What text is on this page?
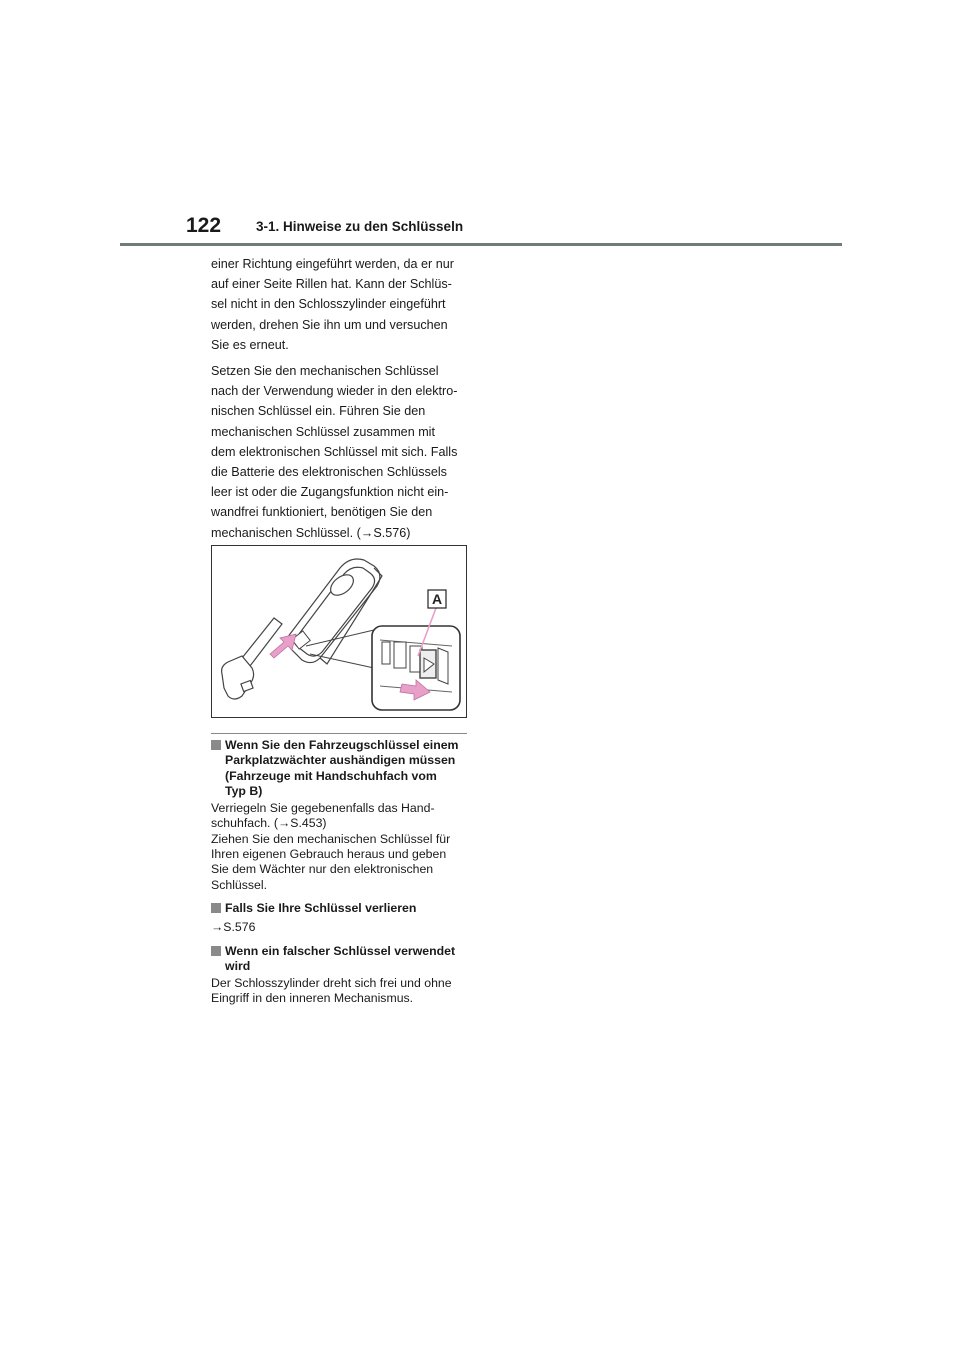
122	3-1. Hinweise zu den Schlüsseln

einer Richtung eingeführt werden, da er nur
auf einer Seite Rillen hat. Kann der Schlüs-
sel nicht in den Schlosszylinder eingeführt
werden, drehen Sie ihn um und versuchen
Sie es erneut.

Setzen Sie den mechanischen Schlüssel
nach der Verwendung wieder in den elektro-
nischen Schlüssel ein. Führen Sie den
mechanischen Schlüssel zusammen mit
dem elektronischen Schlüssel mit sich. Falls
die Batterie des elektronischen Schlüssels
leer ist oder die Zugangsfunktion nicht ein-
wandfrei funktioniert, benötigen Sie den
mechanischen Schlüssel. (→S.576)

A
Wenn Sie den Fahrzeugschlüssel einem
Parkplatzwächter aushändigen müssen
(Fahrzeuge mit Handschuhfach vom
Typ B)

Verriegeln Sie gegebenenfalls das Hand-
schuhfach. (→S.453)
Ziehen Sie den mechanischen Schlüssel für
Ihren eigenen Gebrauch heraus und geben
Sie dem Wächter nur den elektronischen
Schlüssel.

Falls Sie Ihre Schlüssel verlieren

→S.576

Wenn ein falscher Schlüssel verwendet
wird

Der Schlosszylinder dreht sich frei und ohne
Eingriff in den inneren Mechanismus.
